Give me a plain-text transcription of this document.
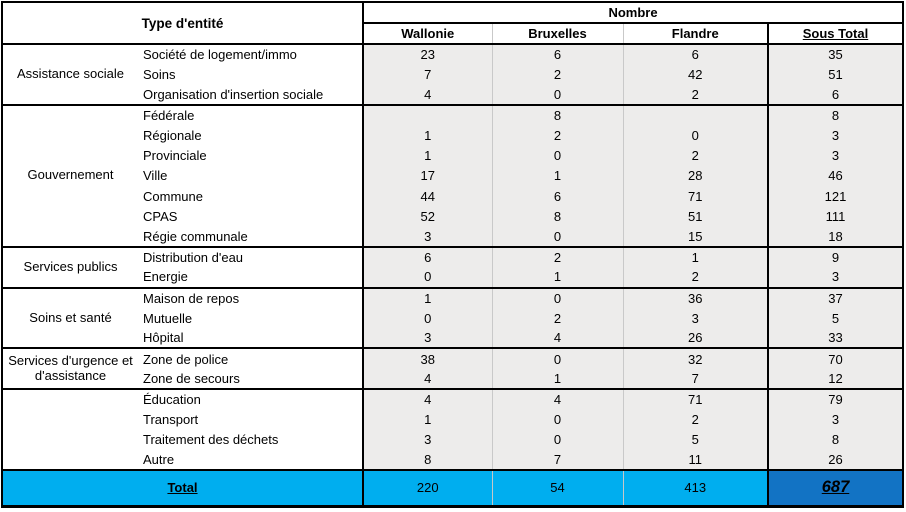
Type d'entité		Nombre			
		Wallonie	Bruxelles	Flandre	Sous Total
Assistance sociale	Société de logement/immo	23	6	6	35
	Soins	7	2	42	51
	Organisation d'insertion sociale	4	0	2	6
Gouvernement	Fédérale		8		8
	Régionale	1	2	0	3
	Provinciale	1	0	2	3
	Ville	17	1	28	46
	Commune	44	6	71	121
	CPAS	52	8	51	111
	Régie communale	3	0	15	18
Services publics	Distribution d'eau	6	2	1	9
	Energie	0	1	2	3
Soins et santé	Maison de repos	1	0	36	37
	Mutuelle	0	2	3	5
	Hôpital	3	4	26	33
Services d'urgence et d'assistance	Zone de police	38	0	32	70
	Zone de secours	4	1	7	12
	Éducation	4	4	71	79
	Transport	1	0	2	3
	Traitement des déchets	3	0	5	8
	Autre	8	7	11	26
Total		220	54	413	687
